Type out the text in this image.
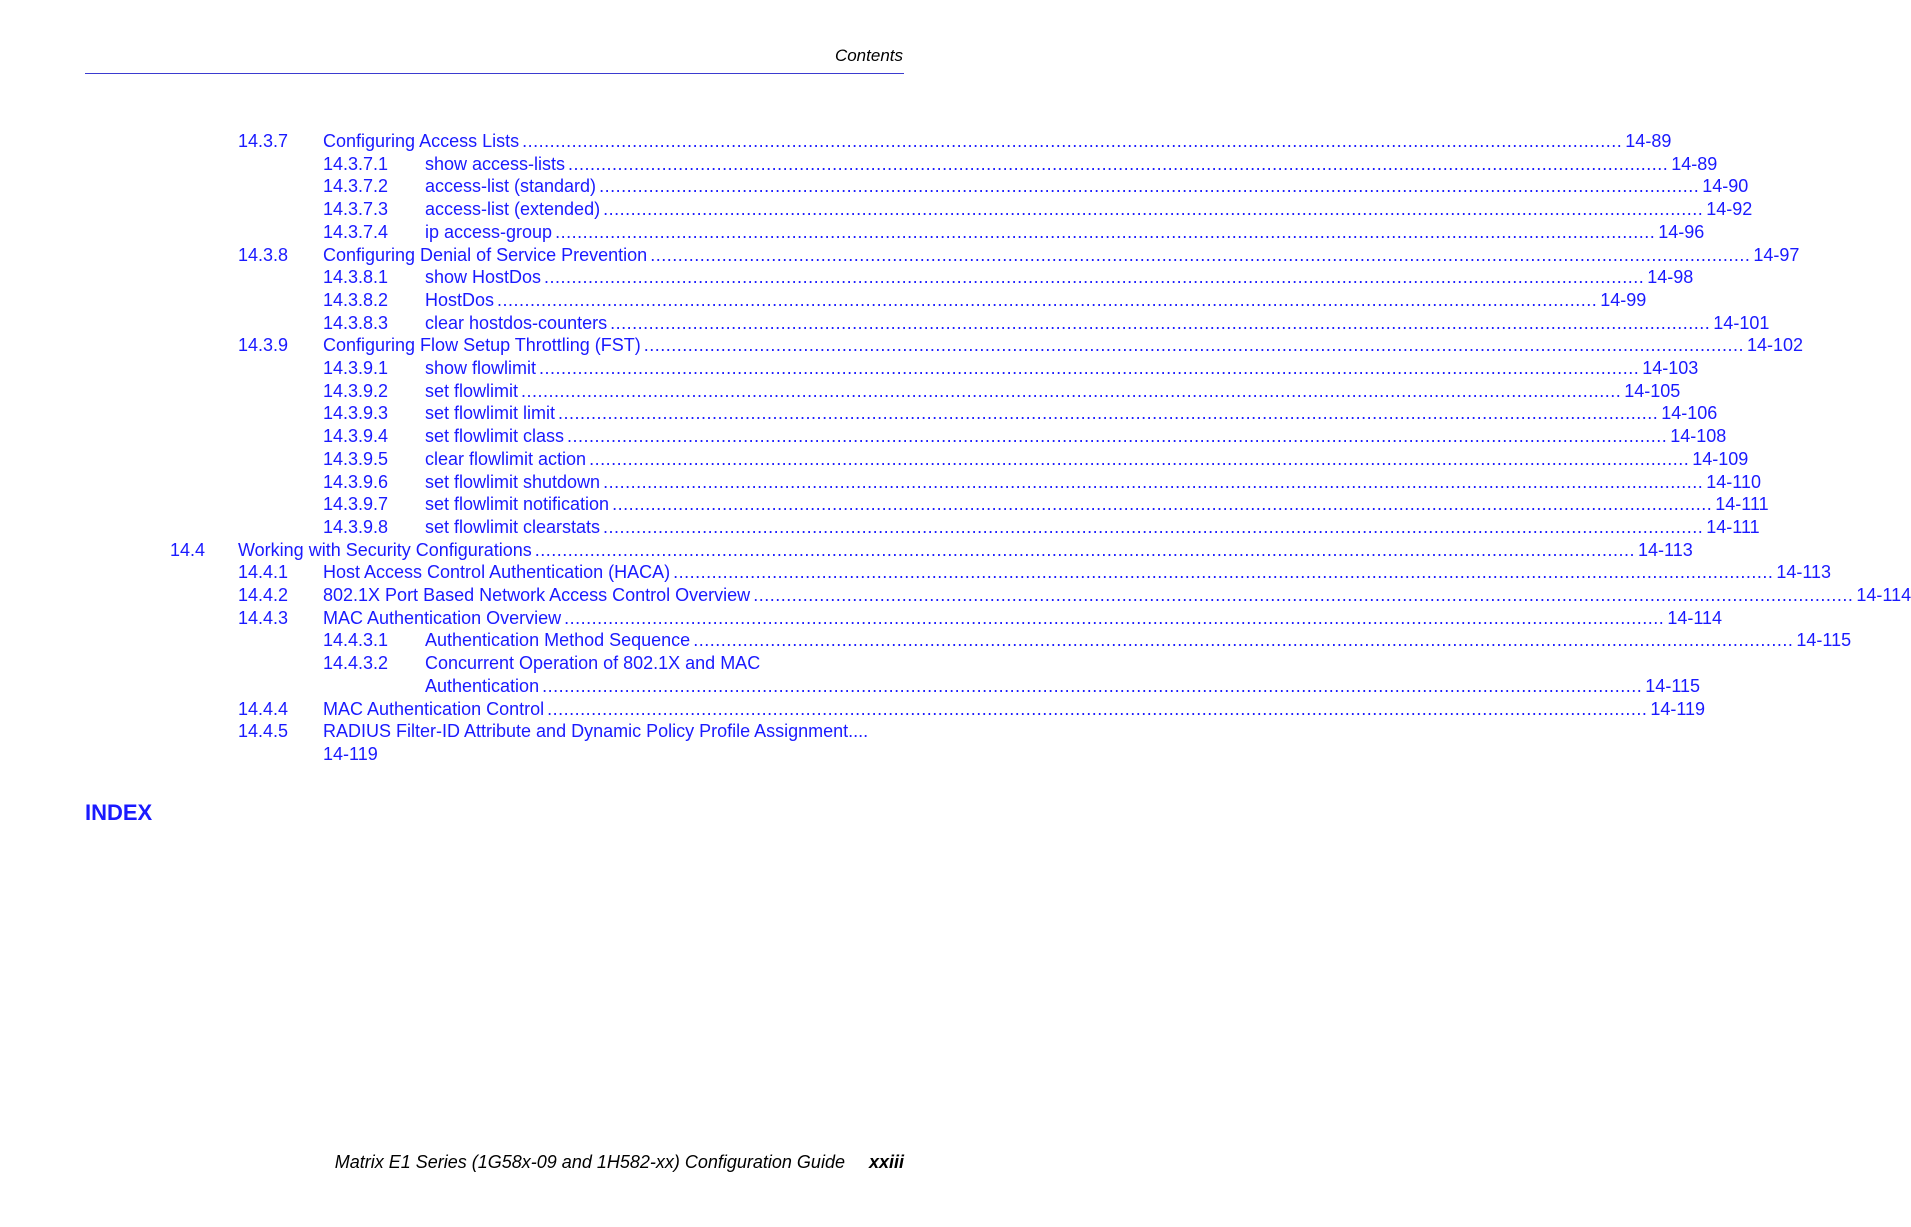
Contents
14.3.7 Configuring Access Lists ........................................................................................................................................................................................................ 14-89
14.3.7.1 show access-lists ........................................................................................................................................................................................................ 14-89
14.3.7.2 access-list (standard) ........................................................................................................................................................................................................ 14-90
14.3.7.3 access-list (extended) ........................................................................................................................................................................................................ 14-92
14.3.7.4 ip access-group ........................................................................................................................................................................................................ 14-96
14.3.8 Configuring Denial of Service Prevention ........................................................................................................................................................................................................ 14-97
14.3.8.1 show HostDos ........................................................................................................................................................................................................ 14-98
14.3.8.2 HostDos ........................................................................................................................................................................................................ 14-99
14.3.8.3 clear hostdos-counters ........................................................................................................................................................................................................ 14-101
14.3.9 Configuring Flow Setup Throttling (FST) ........................................................................................................................................................................................................ 14-102
14.3.9.1 show flowlimit ........................................................................................................................................................................................................ 14-103
14.3.9.2 set flowlimit ........................................................................................................................................................................................................ 14-105
14.3.9.3 set flowlimit limit ........................................................................................................................................................................................................ 14-106
14.3.9.4 set flowlimit class ........................................................................................................................................................................................................ 14-108
14.3.9.5 clear flowlimit action ........................................................................................................................................................................................................ 14-109
14.3.9.6 set flowlimit shutdown ........................................................................................................................................................................................................ 14-110
14.3.9.7 set flowlimit notification ........................................................................................................................................................................................................ 14-111
14.3.9.8 set flowlimit clearstats ........................................................................................................................................................................................................ 14-111
14.4 Working with Security Configurations ........................................................................................................................................................................................................ 14-113
14.4.1 Host Access Control Authentication (HACA) ........................................................................................................................................................................................................ 14-113
14.4.2 802.1X Port Based Network Access Control Overview ........................................................................................................................................................................................................ 14-114
14.4.3 MAC Authentication Overview ........................................................................................................................................................................................................ 14-114
14.4.3.1 Authentication Method Sequence ........................................................................................................................................................................................................ 14-115
14.4.3.2 Concurrent Operation of 802.1X and MAC
Authentication ........................................................................................................................................................................................................ 14-115
14.4.4 MAC Authentication Control ........................................................................................................................................................................................................ 14-119
14.4.5 RADIUS Filter-ID Attribute and Dynamic Policy Profile Assignment....
14-119
INDEX
Matrix E1 Series (1G58x-09 and 1H582-xx) Configuration Guide xxiii
